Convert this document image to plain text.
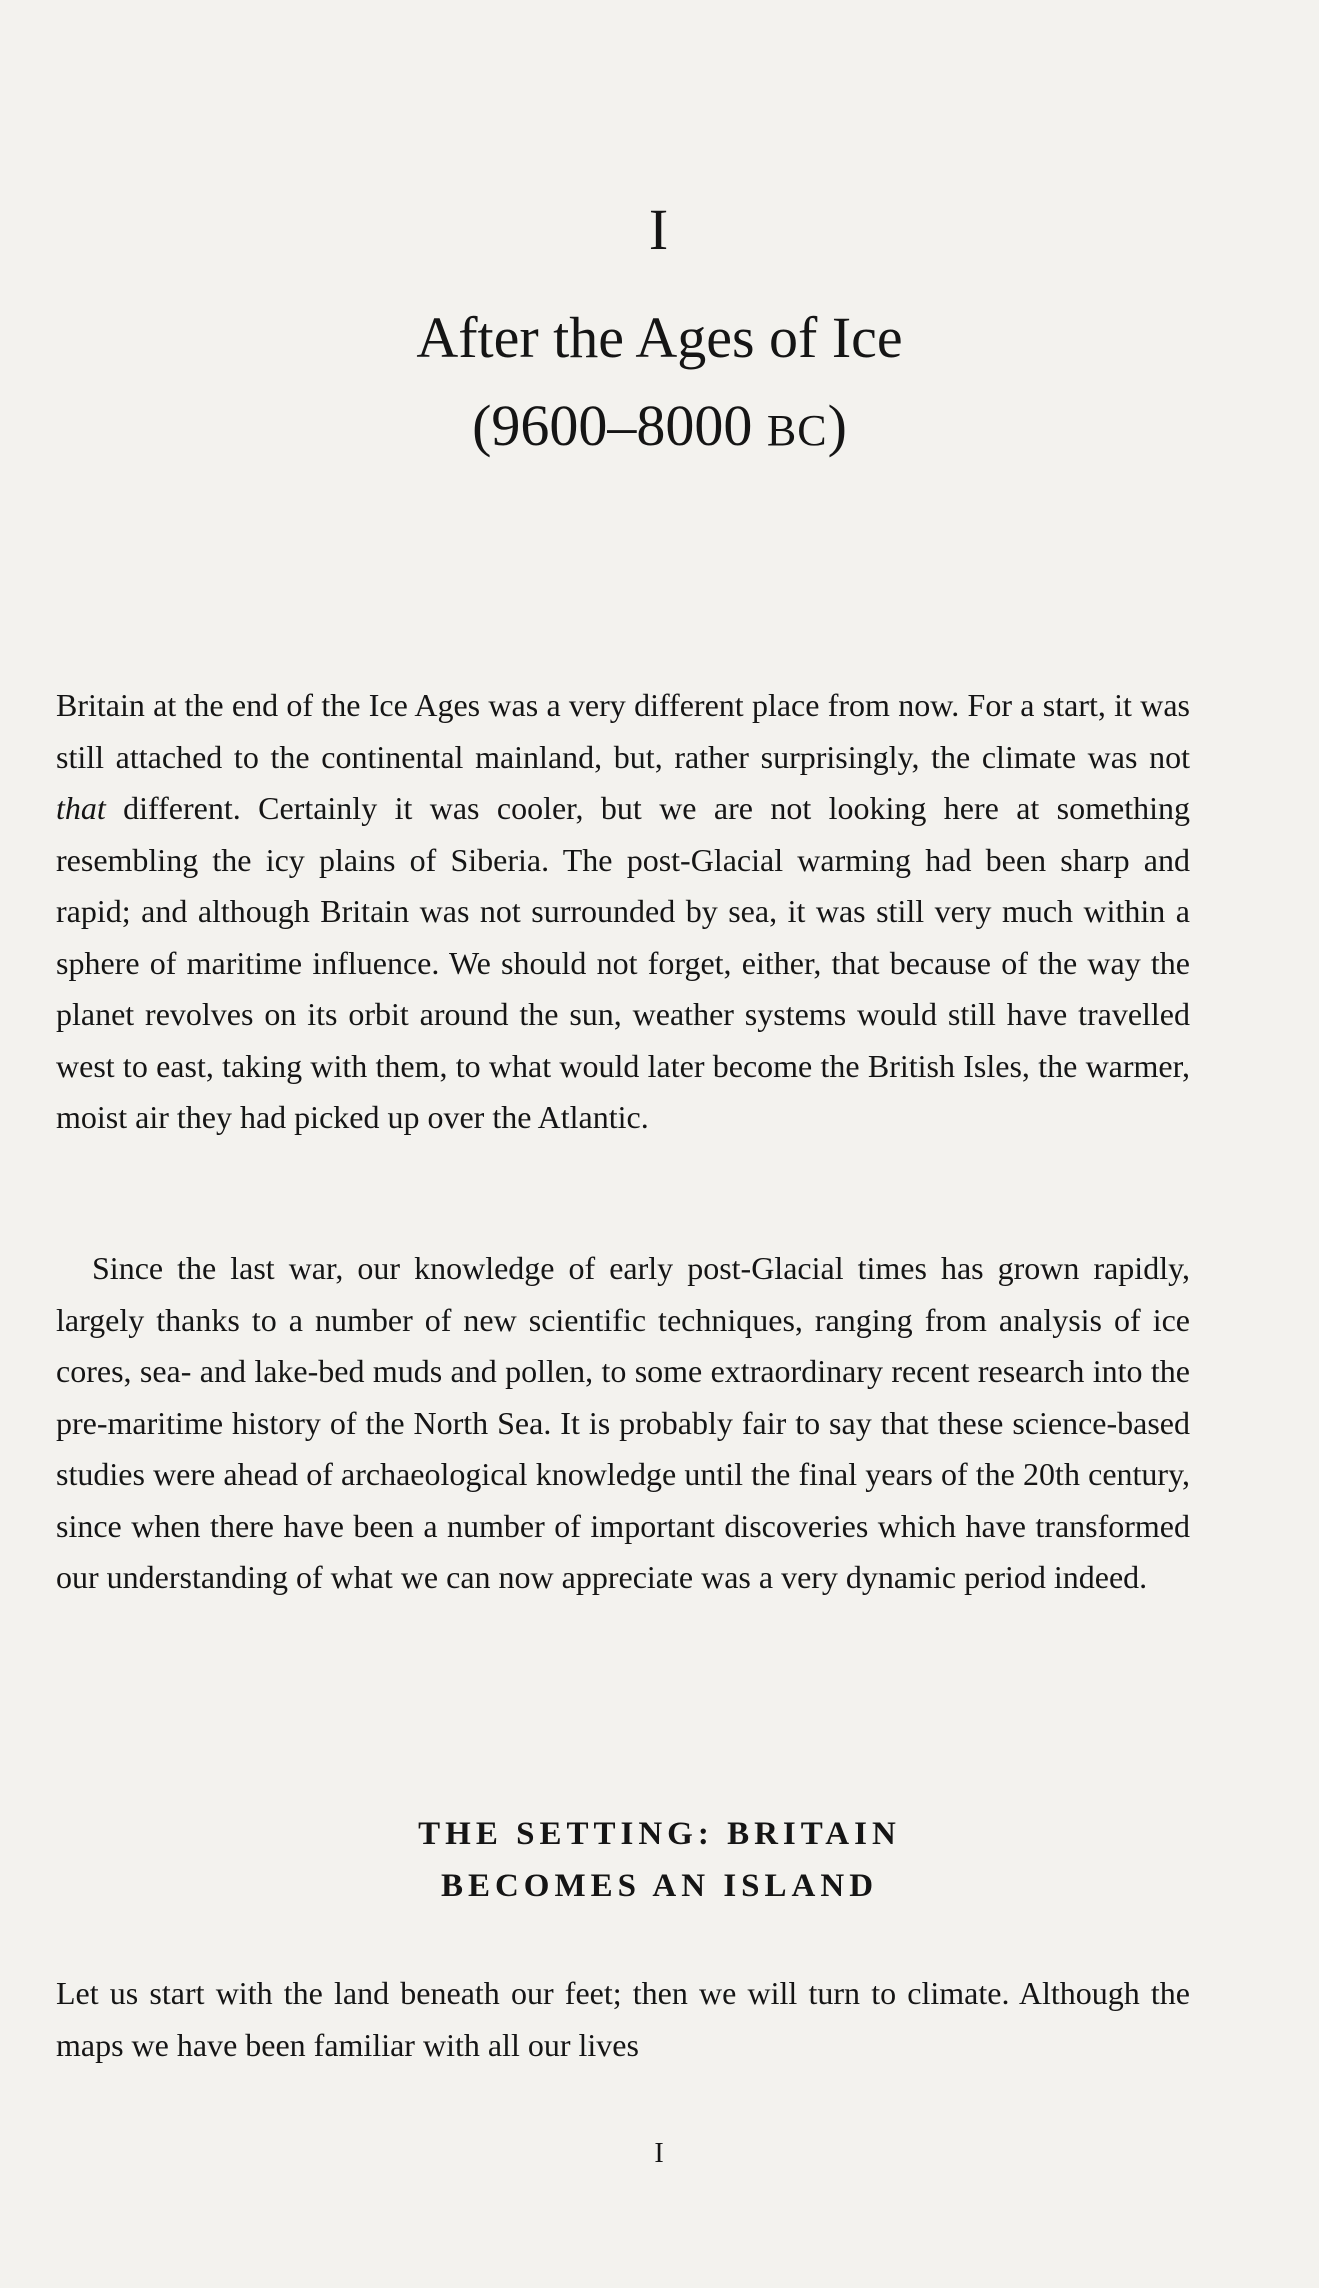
I
After the Ages of Ice
(9600–8000 BC)

Britain at the end of the Ice Ages was a very different place from now. For a start, it was still attached to the continental mainland, but, rather surprisingly, the climate was not that different. Certainly it was cooler, but we are not looking here at something resembling the icy plains of Siberia. The post-Glacial warming had been sharp and rapid; and although Britain was not surrounded by sea, it was still very much within a sphere of maritime influence. We should not forget, either, that because of the way the planet revolves on its orbit around the sun, weather systems would still have travelled west to east, taking with them, to what would later become the British Isles, the warmer, moist air they had picked up over the Atlantic.

Since the last war, our knowledge of early post-Glacial times has grown rapidly, largely thanks to a number of new scientific techniques, ranging from analysis of ice cores, sea- and lake-bed muds and pollen, to some extraordinary recent research into the pre-maritime history of the North Sea. It is probably fair to say that these science-based studies were ahead of archaeological knowledge until the final years of the 20th century, since when there have been a number of important discoveries which have transformed our understanding of what we can now appreciate was a very dynamic period indeed.

THE SETTING: BRITAIN
BECOMES AN ISLAND

Let us start with the land beneath our feet; then we will turn to climate. Although the maps we have been familiar with all our lives

I
